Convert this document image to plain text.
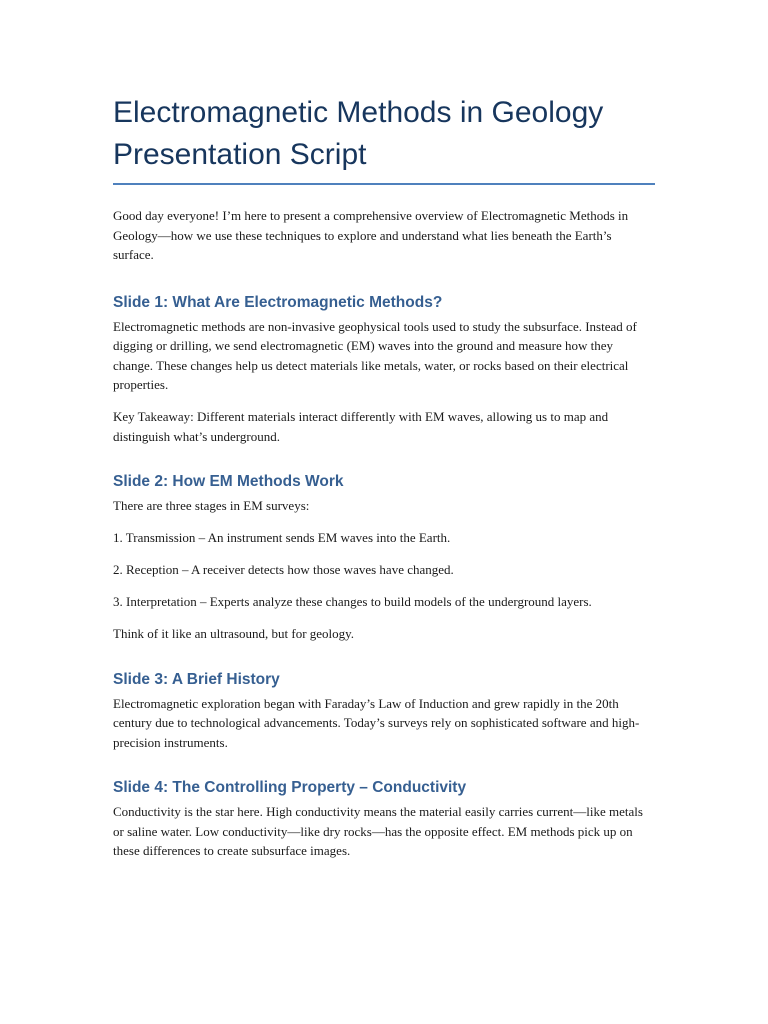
Electromagnetic Methods in Geology
Presentation Script

Good day everyone! I’m here to present a comprehensive overview of Electromagnetic Methods in Geology—how we use these techniques to explore and understand what lies beneath the Earth’s surface.

Slide 1: What Are Electromagnetic Methods?

Electromagnetic methods are non-invasive geophysical tools used to study the subsurface. Instead of digging or drilling, we send electromagnetic (EM) waves into the ground and measure how they change. These changes help us detect materials like metals, water, or rocks based on their electrical properties.

Key Takeaway: Different materials interact differently with EM waves, allowing us to map and distinguish what’s underground.

Slide 2: How EM Methods Work

There are three stages in EM surveys:

1. Transmission – An instrument sends EM waves into the Earth.

2. Reception – A receiver detects how those waves have changed.

3. Interpretation – Experts analyze these changes to build models of the underground layers.

Think of it like an ultrasound, but for geology.

Slide 3: A Brief History

Electromagnetic exploration began with Faraday’s Law of Induction and grew rapidly in the 20th century due to technological advancements. Today’s surveys rely on sophisticated software and high-precision instruments.

Slide 4: The Controlling Property – Conductivity

Conductivity is the star here. High conductivity means the material easily carries current—like metals or saline water. Low conductivity—like dry rocks—has the opposite effect. EM methods pick up on these differences to create subsurface images.
